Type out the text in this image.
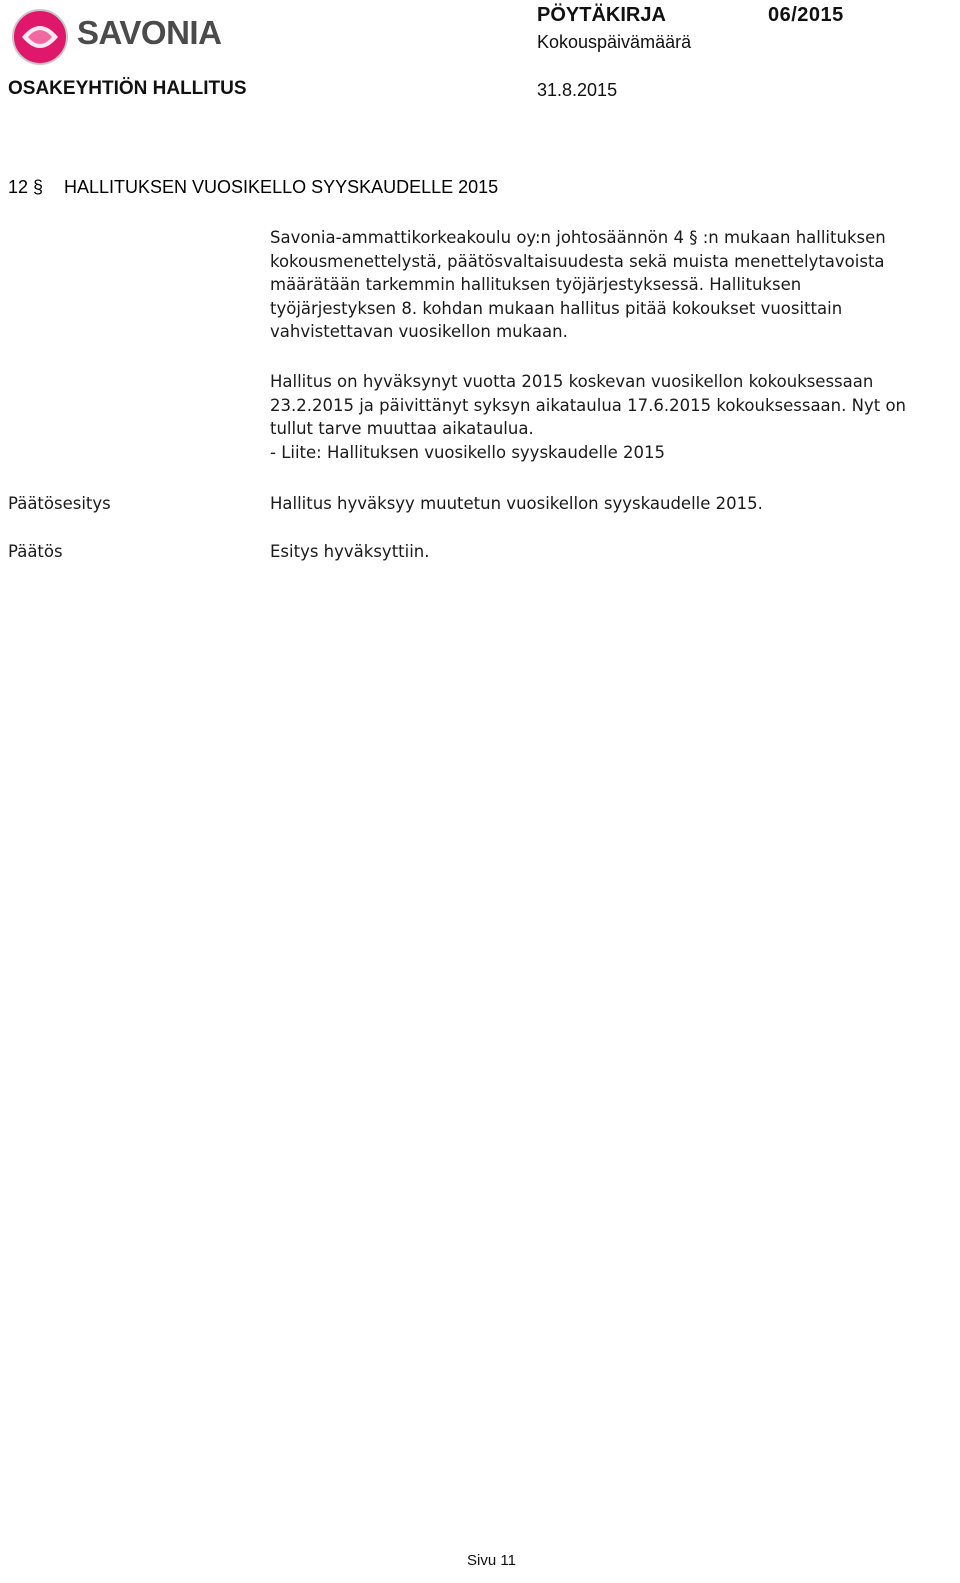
SAVONIA	PÖYTÄKIRJA	06/2015
Kokouspäivämäärä
OSAKEYHTIÖN HALLITUS	31.8.2015
12 § HALLITUKSEN VUOSIKELLO SYYSKAUDELLE 2015
Savonia-ammattikorkeakoulu oy:n johtosäännön 4 § :n mukaan hallituksen
kokousmenettelystä, päätösvaltaisuudesta sekä muista menettelytavoista
määrätään tarkemmin hallituksen työjärjestyksessä. Hallituksen
työjärjestyksen 8. kohdan mukaan hallitus pitää kokoukset vuosittain
vahvistettavan vuosikellon mukaan.
Hallitus on hyväksynyt vuotta 2015 koskevan vuosikellon kokouksessaan
23.2.2015 ja päivittänyt syksyn aikataulua 17.6.2015 kokouksessaan. Nyt on
tullut tarve muuttaa aikataulua.
- Liite: Hallituksen vuosikello syyskaudelle 2015
Päätösesitys	Hallitus hyväksyy muutetun vuosikellon syyskaudelle 2015.
Päätös	Esitys hyväksyttiin.
Sivu 11
